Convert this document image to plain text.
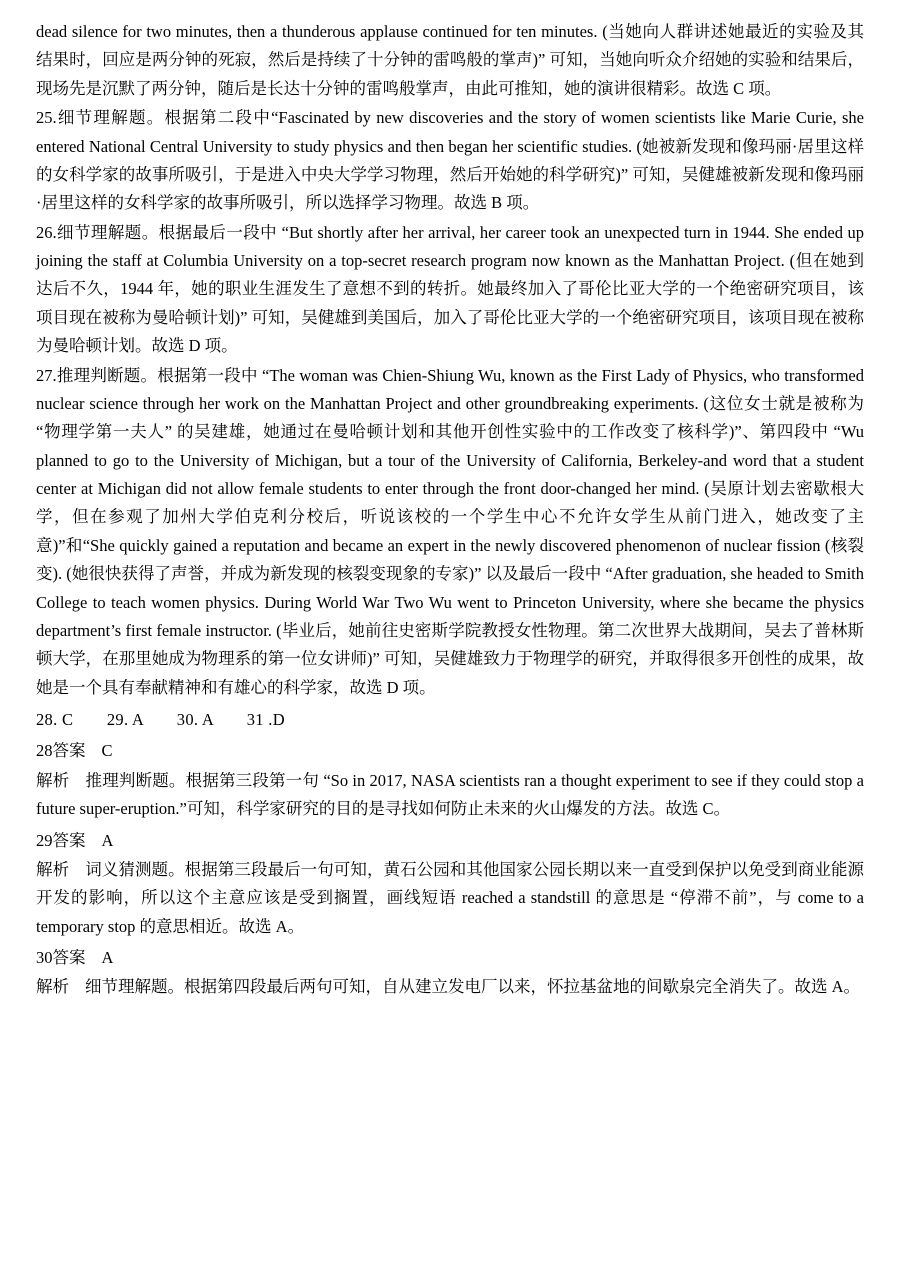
dead silence for two minutes, then a thunderous applause continued for ten minutes. (当她向人群讲述她最近的实验及其结果时，回应是两分钟的死寂，然后是持续了十分钟的雷鸣般的掌声)” 可知，当她向听众介绍她的实验和结果后，现场先是沉默了两分钟，随后是长达十分钟的雷鸣般掌声，由此可推知，她的演讲很精彩。故选 C 项。

25.细节理解题。根据第二段中“Fascinated by new discoveries and the story of women scientists like Marie Curie, she entered National Central University to study physics and then began her scientific studies. (她被新发现和像玛丽·居里这样的女科学家的故事所吸引，于是进入中央大学学习物理，然后开始她的科学研究)” 可知，吴健雄被新发现和像玛丽·居里这样的女科学家的故事所吸引，所以选择学习物理。故选 B 项。

26.细节理解题。根据最后一段中 “But shortly after her arrival, her career took an unexpected turn in 1944. She ended up joining the staff at Columbia University on a top-secret research program now known as the Manhattan Project. (但在她到达后不久，1944 年，她的职业生涯发生了意想不到的转折。她最终加入了哥伦比亚大学的一个绝密研究项目，该项目现在被称为曼哈顿计划)” 可知，吴健雄到美国后，加入了哥伦比亚大学的一个绝密研究项目，该项目现在被称为曼哈顿计划。故选 D 项。

27.推理判断题。根据第一段中 “The woman was Chien-Shiung Wu, known as the First Lady of Physics, who transformed nuclear science through her work on the Manhattan Project and other groundbreaking experiments. (这位女士就是被称为 “物理学第一夫人” 的吴建雄，她通过在曼哈顿计划和其他开创性实验中的工作改变了核科学)”、第四段中 “Wu planned to go to the University of Michigan, but a tour of the University of California, Berkeley-and word that a student center at Michigan did not allow female students to enter through the front door-changed her mind. (吴原计划去密歇根大学，但在参观了加州大学伯克利分校后，听说该校的一个学生中心不允许女学生从前门进入，她改变了主意)”和“She quickly gained a reputation and became an expert in the newly discovered phenomenon of nuclear fission (核裂变). (她很快获得了声誉，并成为新发现的核裂变现象的专家)” 以及最后一段中 “After graduation, she headed to Smith College to teach women physics. During World War Two Wu went to Princeton University, where she became the physics department’s first female instructor. (毕业后，她前往史密斯学院教授女性物理。第二次世界大战期间，吴去了普林斯顿大学，在那里她成为物理系的第一位女讲师)” 可知，吴健雄致力于物理学的研究，并取得很多开创性的成果，故她是一个具有奉献精神和有雄心的科学家，故选 D 项。

28. C　　29. A　　30. A　　31 .D

28答案 C

解析 推理判断题。根据第三段第一句 “So in 2017, NASA scientists ran a thought experiment to see if they could stop a future super-eruption.”可知，科学家研究的目的是寻找如何防止未来的火山爆发的方法。故选 C。

29答案 A

解析 词义猜测题。根据第三段最后一句可知，黄石公园和其他国家公园长期以来一直受到保护以免受到商业能源开发的影响，所以这个主意应该是受到搁置，画线短语 reached a standstill 的意思是 “停滞不前”，与 come to a temporary stop 的意思相近。故选 A。

30答案 A

解析 细节理解题。根据第四段最后两句可知，自从建立发电厂以来，怀拉基盆地的间歇泉完全消失了。故选 A。
